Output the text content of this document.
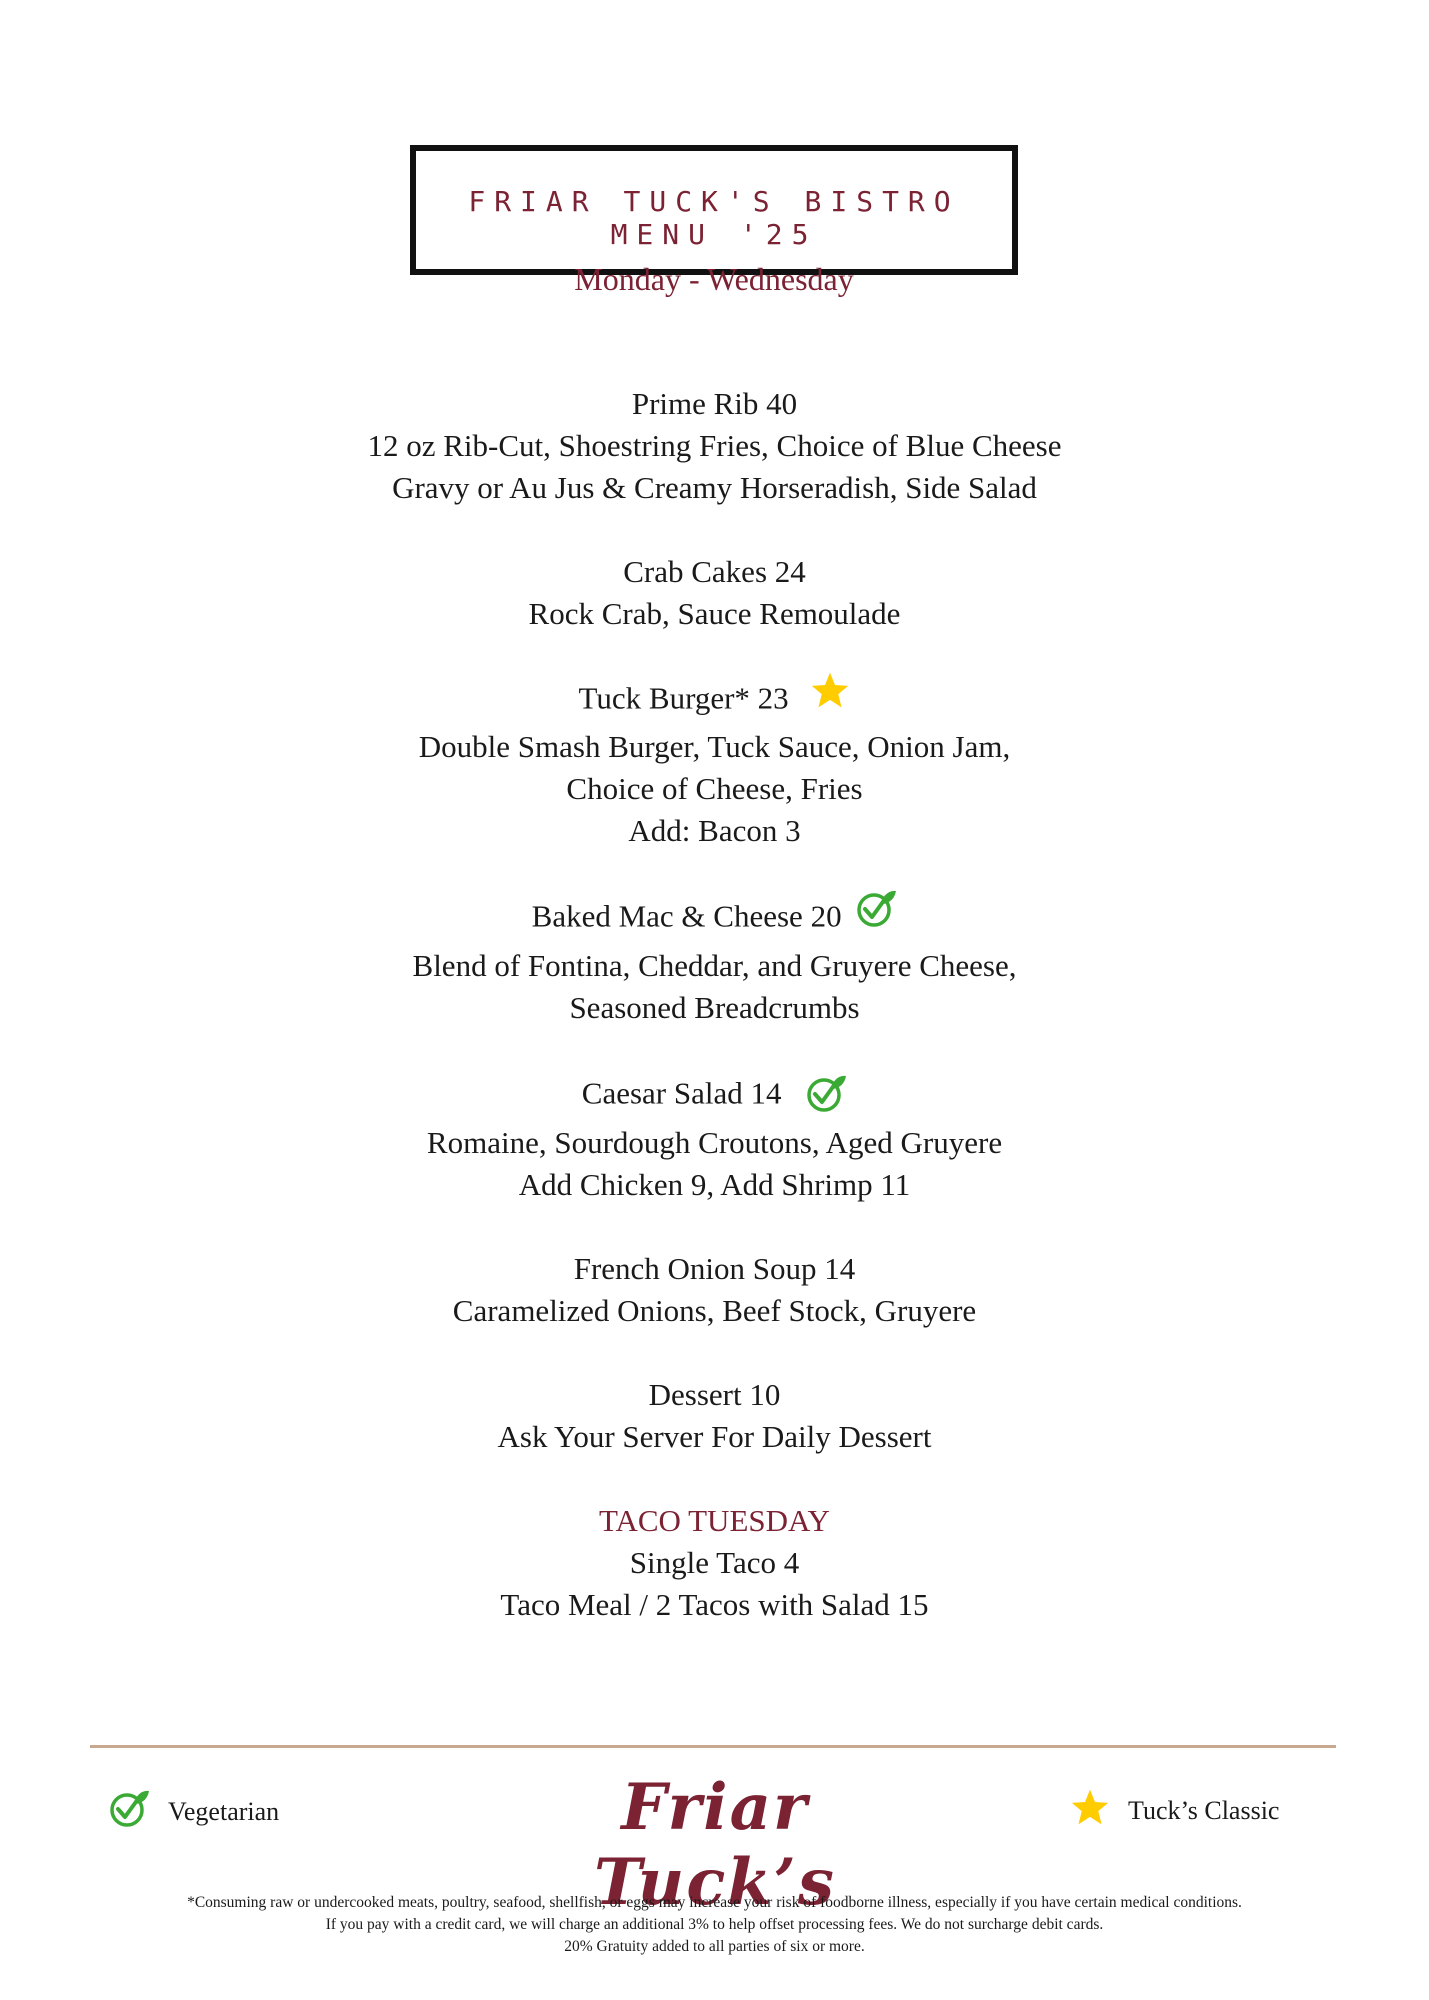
FRIAR TUCK'S BISTRO MENU '25
Monday - Wednesday

Prime Rib 40

12 oz Rib-Cut, Shoestring Fries, Choice of Blue Cheese

Gravy or Au Jus & Creamy Horseradish, Side Salad

Crab Cakes 24

Rock Crab, Sauce Remoulade

Tuck Burger* 23

Double Smash Burger, Tuck Sauce, Onion Jam,

Choice of Cheese, Fries

Add: Bacon 3

Baked Mac & Cheese 20

Blend of Fontina, Cheddar, and Gruyere Cheese,

Seasoned Breadcrumbs

Caesar Salad 14

Romaine, Sourdough Croutons, Aged Gruyere

Add Chicken 9, Add Shrimp 11

French Onion Soup 14

Caramelized Onions, Beef Stock, Gruyere

Dessert 10

Ask Your Server For Daily Dessert

TACO TUESDAY

Single Taco 4

Taco Meal / 2 Tacos with Salad 15

Vegetarian	Friar Tuck’s
Tuck’s Classic

*Consuming raw or undercooked meats, poultry, seafood, shellfish, or eggs may increase your risk of foodborne illness, especially if you have certain medical conditions.

If you pay with a credit card, we will charge an additional 3% to help offset processing fees. We do not surcharge debit cards.

20% Gratuity added to all parties of six or more.
